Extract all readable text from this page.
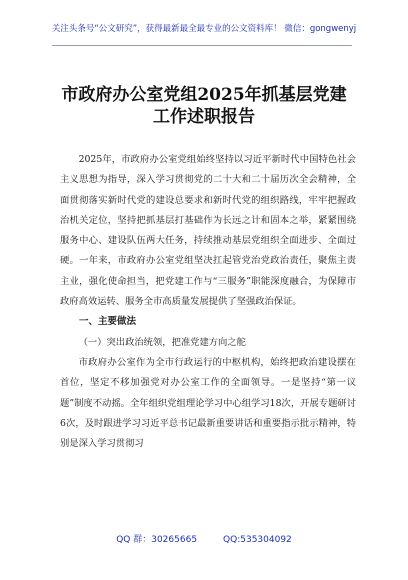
关注头条号“公文研究”，获得最新最全最专业的公文资料库！ 微信：gongwenyj
市政府办公室党组2025年抓基层党建
工作述职报告

2025年，市政府办公室党组始终坚持以习近平新时代中国特色社会主义思想为指导，深入学习贯彻党的二十大和二十届历次全会精神，全面贯彻落实新时代党的建设总要求和新时代党的组织路线，牢牢把握政治机关定位，坚持把抓基层打基础作为长远之计和固本之举，紧紧围绕服务中心、建设队伍两大任务，持续推动基层党组织全面进步、全面过硬。一年来，市政府办公室党组坚决扛起管党治党政治责任，聚焦主责主业，强化使命担当，把党建工作与“三服务”职能深度融合，为保障市政府高效运转、服务全市高质量发展提供了坚强政治保证。

一、主要做法

（一）突出政治统领，把准党建方向之舵

市政府办公室作为全市行政运行的中枢机构，始终把政治建设摆在首位，坚定不移加强党对办公室工作的全面领导。一是坚持“第一议题”制度不动摇。全年组织党组理论学习中心组学习18次，开展专题研讨6次，及时跟进学习习近平总书记最新重要讲话和重要指示批示精神，特别是深入学习贯彻习

QQ 群：30265665	QQ:535304092
